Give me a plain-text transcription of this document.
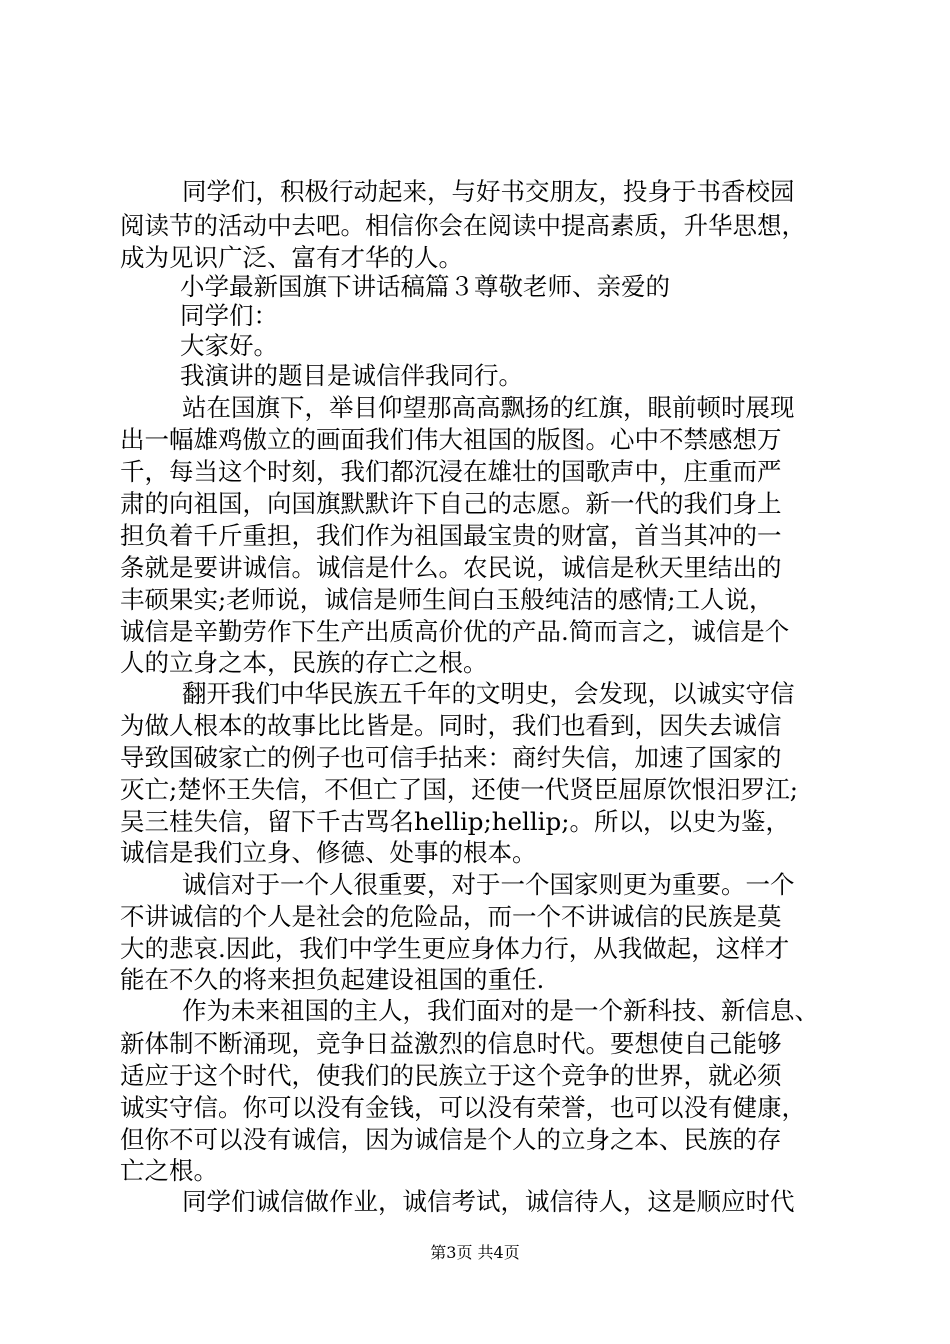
同学们，积极行动起来，与好书交朋友，投身于书香校园
阅读节的活动中去吧。相信你会在阅读中提高素质，升华思想，
成为见识广泛、富有才华的人。
小学最新国旗下讲话稿篇３尊敬老师、亲爱的
同学们：
大家好。
我演讲的题目是诚信伴我同行。
站在国旗下，举目仰望那高高飘扬的红旗，眼前顿时展现
出一幅雄鸡傲立的画面我们伟大祖国的版图。心中不禁感想万
千，每当这个时刻，我们都沉浸在雄壮的国歌声中，庄重而严
肃的向祖国，向国旗默默许下自己的志愿。新一代的我们身上
担负着千斤重担，我们作为祖国最宝贵的财富，首当其冲的一
条就是要讲诚信。诚信是什么。农民说，诚信是秋天里结出的
丰硕果实;老师说，诚信是师生间白玉般纯洁的感情;工人说，
诚信是辛勤劳作下生产出质高价优的产品.简而言之，诚信是个
人的立身之本，民族的存亡之根。
翻开我们中华民族五千年的文明史，会发现，以诚实守信
为做人根本的故事比比皆是。同时，我们也看到，因失去诚信
导致国破家亡的例子也可信手拈来：商纣失信，加速了国家的
灭亡;楚怀王失信，不但亡了国，还使一代贤臣屈原饮恨汨罗江;
吴三桂失信，留下千古骂名hellip;hellip;。所以，以史为鉴，
诚信是我们立身、修德、处事的根本。
诚信对于一个人很重要，对于一个国家则更为重要。一个
不讲诚信的个人是社会的危险品，而一个不讲诚信的民族是莫
大的悲哀.因此，我们中学生更应身体力行，从我做起，这样才
能在不久的将来担负起建设祖国的重任.
作为未来祖国的主人，我们面对的是一个新科技、新信息、
新体制不断涌现，竞争日益激烈的信息时代。要想使自己能够
适应于这个时代，使我们的民族立于这个竞争的世界，就必须
诚实守信。你可以没有金钱，可以没有荣誉，也可以没有健康，
但你不可以没有诚信，因为诚信是个人的立身之本、民族的存
亡之根。
同学们诚信做作业，诚信考试，诚信待人，这是顺应时代
第3页 共4页
